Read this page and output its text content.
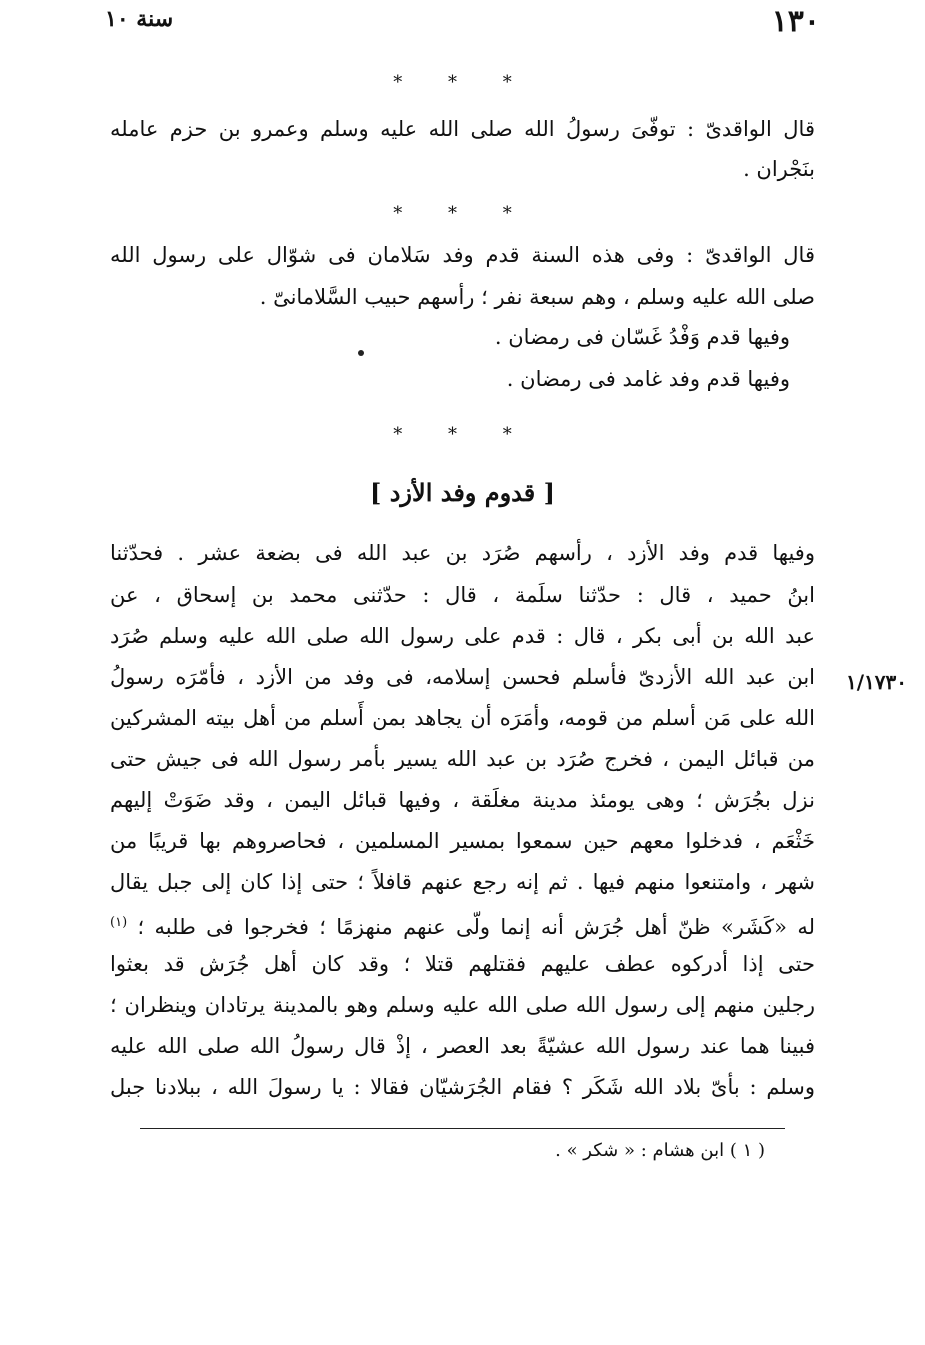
١٣٠
سنة ١٠
* * *
قال الواقدىّ : توفّىَ رسولُ الله صلى الله عليه وسلم وعمرو بن حزم عامله
بنَجْران .
* * *
قال الواقدىّ : وفى هذه السنة قدم وفد سَلامان فى شوّال على رسول الله
صلى الله عليه وسلم ، وهم سبعة نفر ؛ رأسهم حبيب السَّلامانىّ .
وفيها قدم وَفْدُ غَسّان فى رمضان .
وفيها قدم وفد غامد فى رمضان .
* * *
[ قدوم وفد الأزد ]
١/١٧٣٠
وفيها قدم وفد الأزد ، رأسهم صُرَد بن عبد الله فى بضعة عشر . فحدّثنا
ابنُ حميد ، قال : حدّثنا سلَمة ، قال : حدّثنى محمد بن إسحاق ، عن
عبد الله بن أبى بكر ، قال : قدم على رسول الله صلى الله عليه وسلم صُرَد
ابن عبد الله الأزدىّ فأسلم فحسن إسلامه، فى وفد من الأزد ، فأمّرَه رسولُ
الله على مَن أسلم من قومه، وأمَرَه أن يجاهد بمن أَسلم من أهل بيته المشركين
من قبائل اليمن ، فخرج صُرَد بن عبد الله يسير بأمر رسول الله فى جيش حتى
نزل بجُرَش ؛ وهى يومئذ مدينة مغلَقة ، وفيها قبائل اليمن ، وقد ضَوَتْ إليهم
خَثْعَم ، فدخلوا معهم حين سمعوا بمسير المسلمين ، فحاصروهم بها قريبًا من
شهر ، وامتنعوا منهم فيها . ثم إنه رجع عنهم قافلاً ؛ حتى إذا كان إلى جبل يقال
له «كَشَر» ظنّ أهل جُرَش أنه إنما ولّى عنهم منهزمًا ؛ فخرجوا فى طلبه ؛ $^{(١)}$
حتى إذا أدركوه عطف عليهم فقتلهم قتلا ؛ وقد كان أهل جُرَش قد بعثوا
رجلين منهم إلى رسول الله صلى الله عليه وسلم وهو بالمدينة يرتادان وينظران ؛
فبينا هما عند رسول الله عشيّةً بعد العصر ، إذْ قال رسولُ الله صلى الله عليه
وسلم : بأىّ بلاد الله شَكَر ؟ فقام الجُرَشيّان فقالا : يا رسولَ الله ، ببلادنا جبل
( ١ ) ابن هشام : « شكر » .
